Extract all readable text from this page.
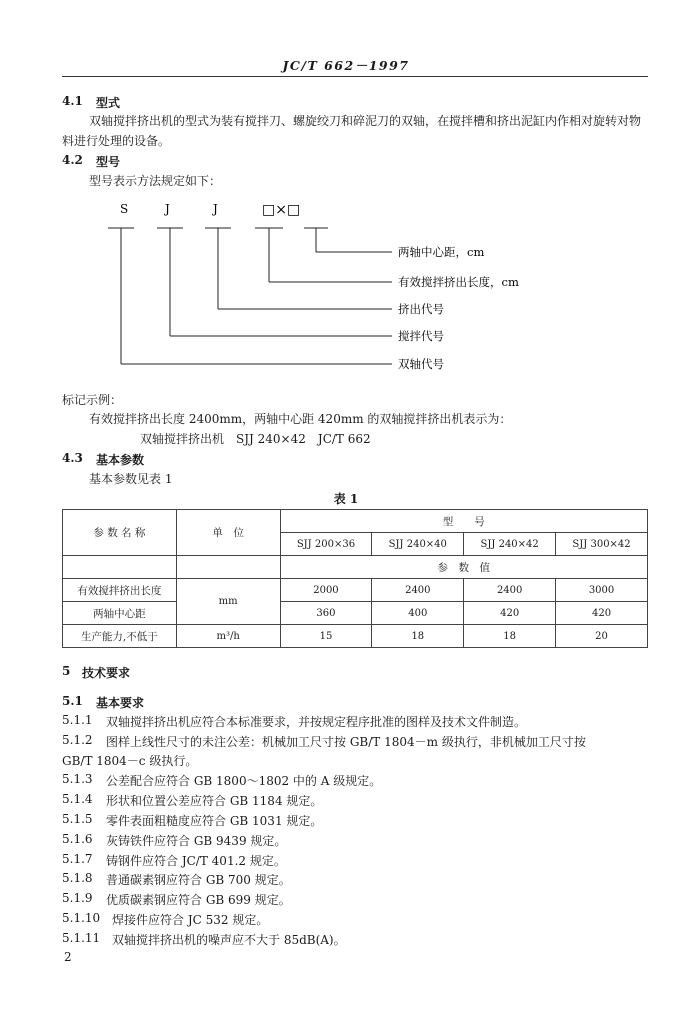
JC/T 662－1997
4.1 型式
双轴搅拌挤出机的型式为装有搅拌刀、螺旋绞刀和碎泥刀的双轴，在搅拌槽和挤出泥缸内作相对旋转对物料进行处理的设备。
4.2 型号
型号表示方法规定如下：
S	J	J	□×□
两轴中心距，cm
有效搅拌挤出长度，cm
挤出代号
搅拌代号
双轴代号
标记示例：
有效搅拌挤出长度 2400mm，两轴中心距 420mm 的双轴搅拌挤出机表示为：
双轴搅拌挤出机　SJJ 240×42　JC/T 662
4.3 基本参数
基本参数见表 1
表 1
参 数 名 称	单　位	型　　号			
		SJJ 200×36	SJJ 240×40	SJJ 240×42	SJJ 300×42
		参　数　值			
有效搅拌挤出长度	mm	2000	2400	2400	3000
两轴中心距		360	400	420	420
生产能力,不低于	m³/h	15	18	18	20
5 技术要求
5.1 基本要求
5.1.1 双轴搅拌挤出机应符合本标准要求，并按规定程序批准的图样及技术文件制造。
5.1.2 图样上线性尺寸的未注公差：机械加工尺寸按 GB/T 1804－m 级执行，非机械加工尺寸按
GB/T 1804－c 级执行。
5.1.3 公差配合应符合 GB 1800～1802 中的 A 级规定。
5.1.4 形状和位置公差应符合 GB 1184 规定。
5.1.5 零件表面粗糙度应符合 GB 1031 规定。
5.1.6 灰铸铁件应符合 GB 9439 规定。
5.1.7 铸钢件应符合 JC/T 401.2 规定。
5.1.8 普通碳素钢应符合 GB 700 规定。
5.1.9 优质碳素钢应符合 GB 699 规定。
5.1.10 焊接件应符合 JC 532 规定。
5.1.11 双轴搅拌挤出机的噪声应不大于 85dB(A)。
2
